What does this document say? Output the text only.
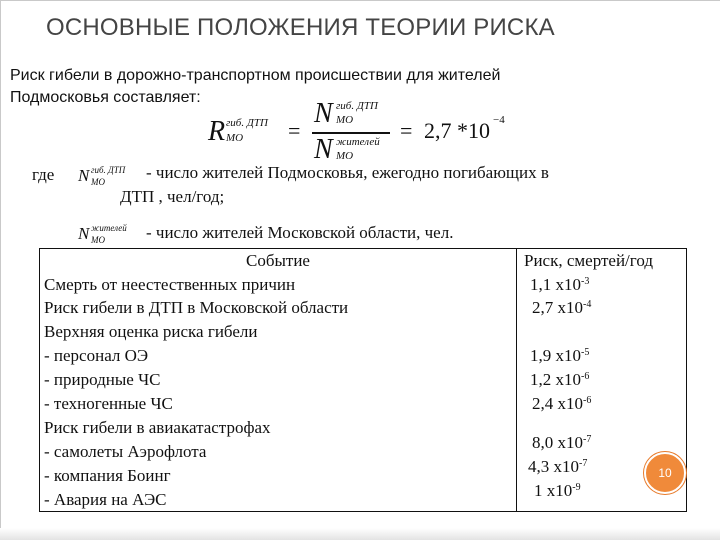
ОСНОВНЫЕ ПОЛОЖЕНИЯ ТЕОРИИ РИСКА
Риск гибели в дорожно-транспортном происшествии для жителей
Подмосковья составляет:
R гиб. ДТП
МО =
N гиб. ДТП
МО
N жителей
МО
= 2,7 * 10 −4
где N гиб. ДТП
МО - число жителей Подмосковья, ежегодно погибающих в
ДТП , чел/год;
N жителей
МО - число жителей Московской области, чел.
Событие	Риск, смертей/год
Смерть от неестественных причин
Риск гибели в ДТП в Московской области
Верхняя оценка риска гибели
- персонал ОЭ
- природные ЧС
- техногенные ЧС
Риск гибели в авиакатастрофах
- самолеты Аэрофлота
- компания Боинг
- Авария на АЭС
1,1 $х10^{-3}$
2,7 $х10^{-4}$
1,9 $х10^{-5}$
1,2 $х10^{-6}$
2,4 $х10^{-6}$
8,0 $х10^{-7}$
4,3 $х10^{-7}$
1 $х10^{-9}$
10
